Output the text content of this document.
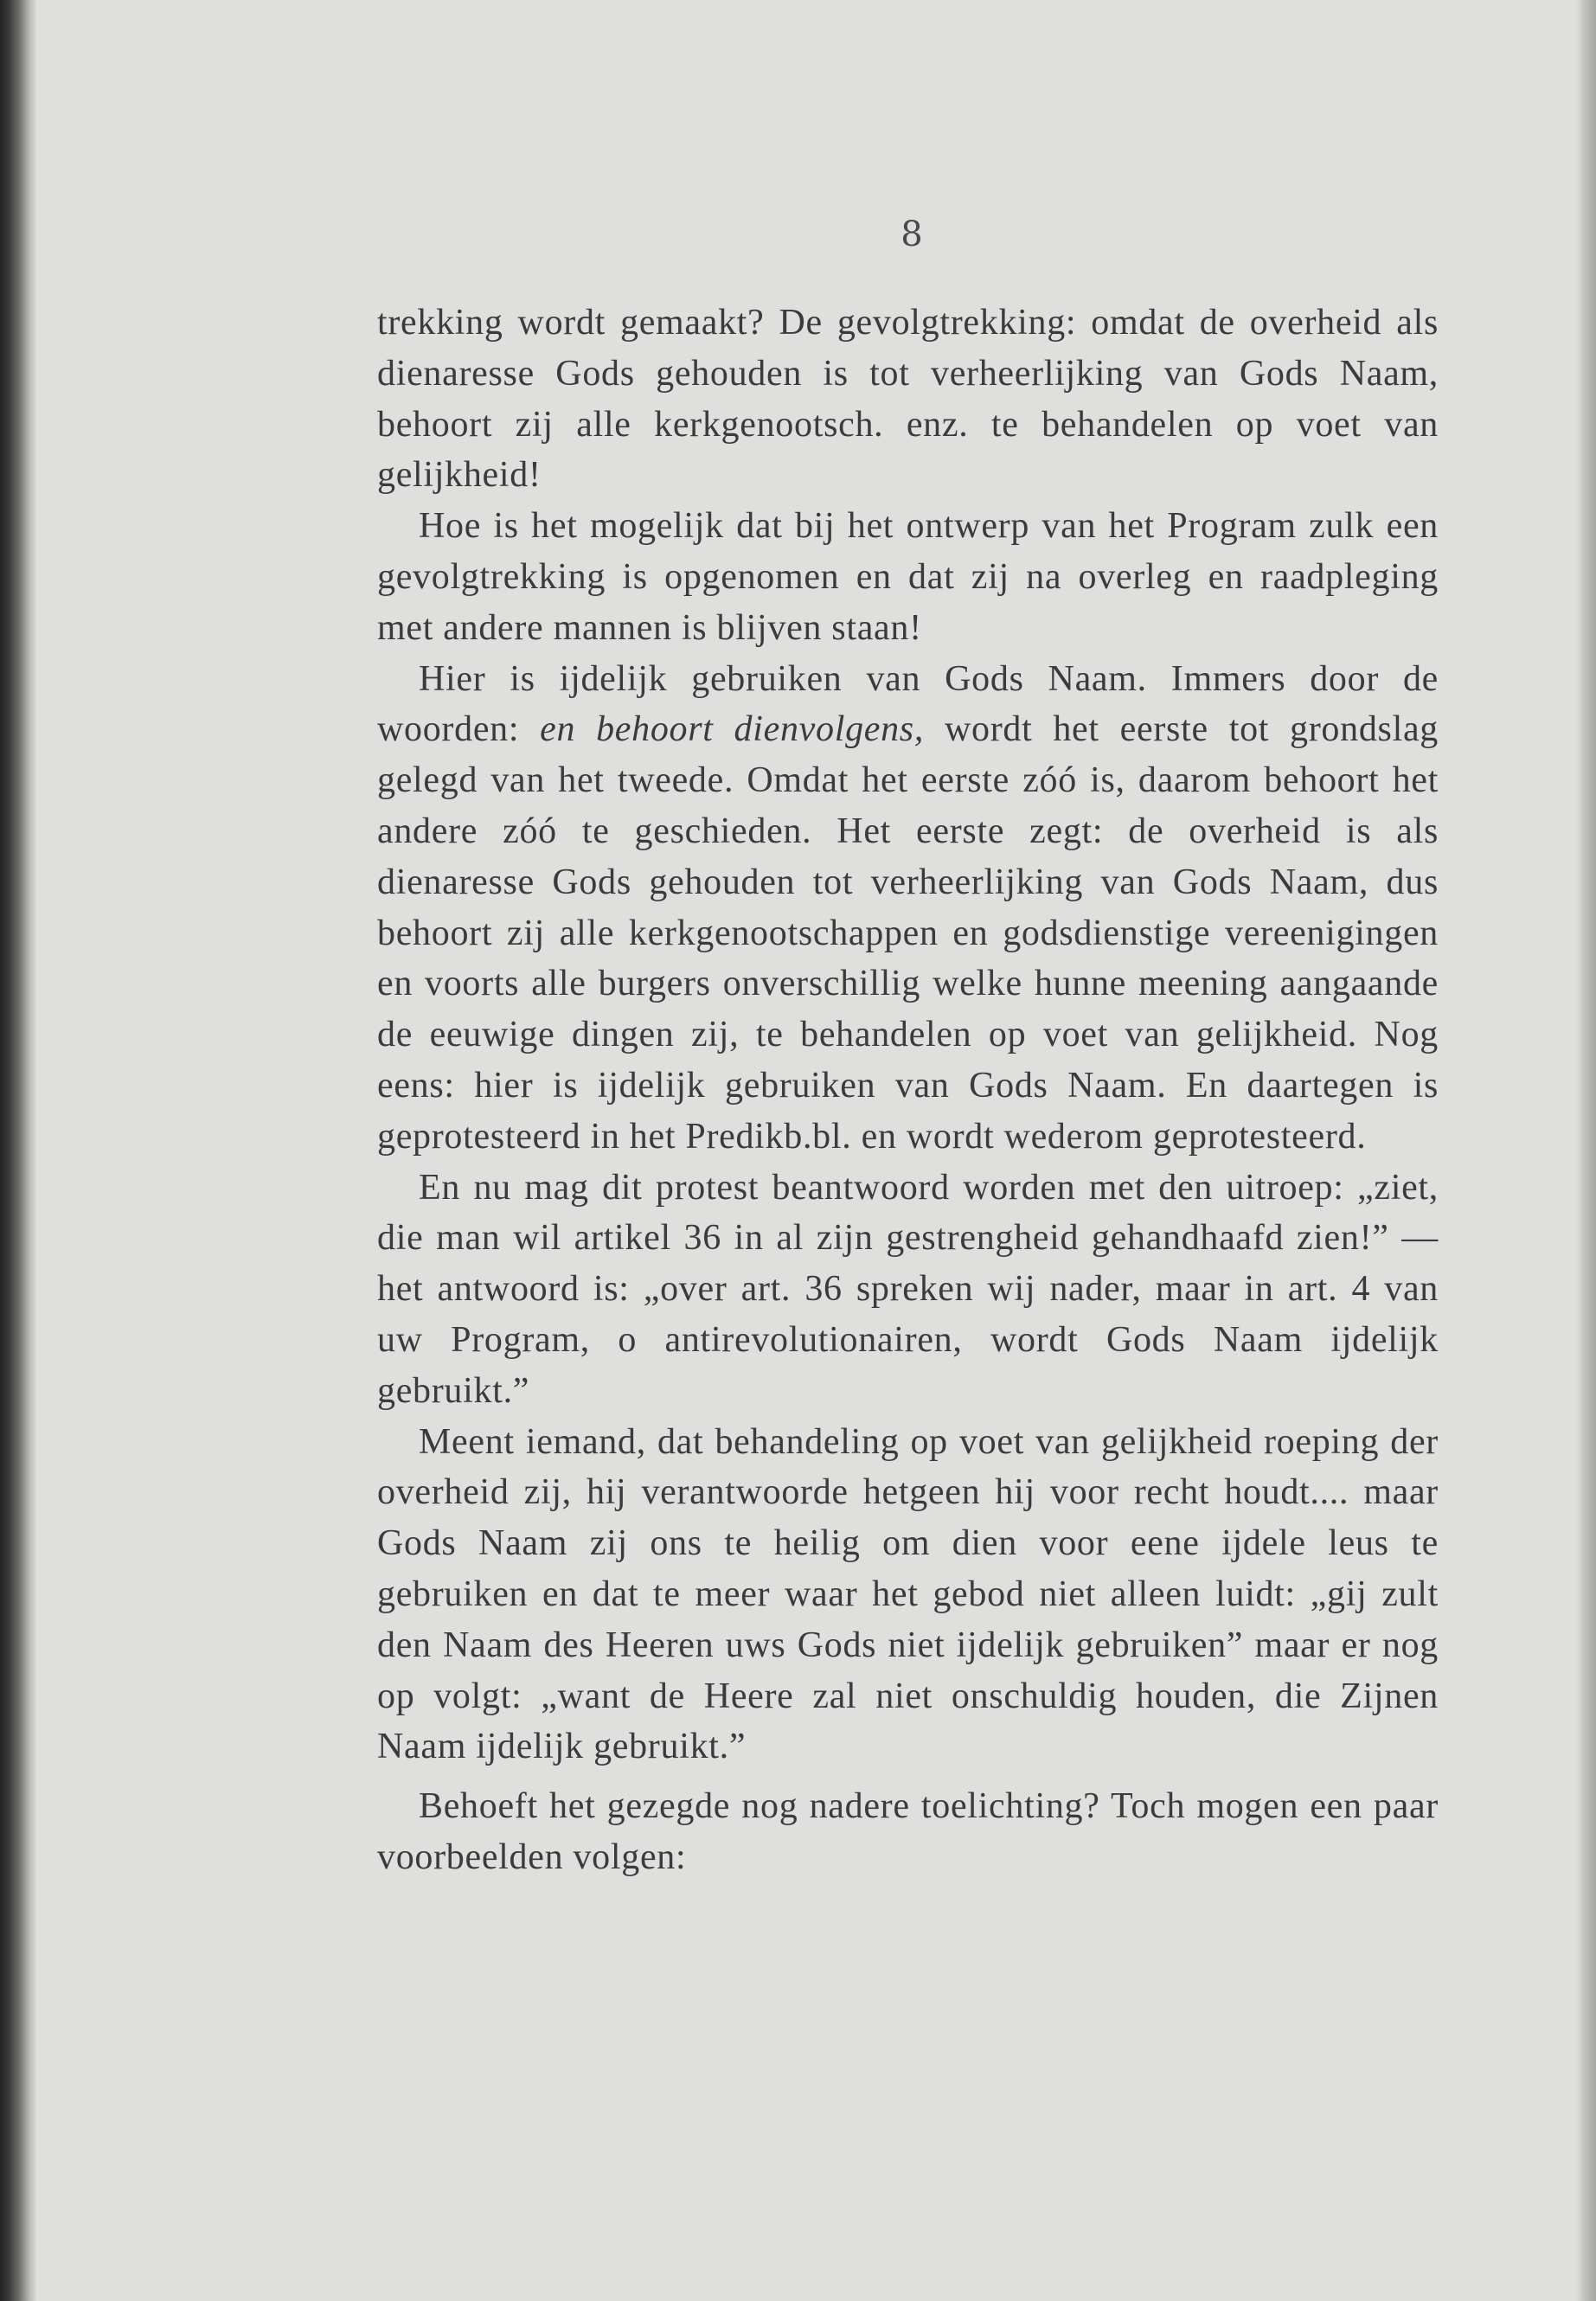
8

trekking wordt gemaakt? De gevolgtrekking: omdat de overheid als dienaresse Gods gehouden is tot verheerlijking van Gods Naam, behoort zij alle kerkgenootsch. enz. te behandelen op voet van gelijkheid!

Hoe is het mogelijk dat bij het ontwerp van het Program zulk een gevolgtrekking is opgenomen en dat zij na overleg en raadpleging met andere mannen is blijven staan!

Hier is ijdelijk gebruiken van Gods Naam. Immers door de woorden: en behoort dienvolgens, wordt het eerste tot grondslag gelegd van het tweede. Omdat het eerste zóó is, daarom behoort het andere zóó te geschieden. Het eerste zegt: de overheid is als dienaresse Gods gehouden tot verheerlijking van Gods Naam, dus behoort zij alle kerkgenootschappen en godsdienstige vereenigingen en voorts alle burgers onverschillig welke hunne meening aangaande de eeuwige dingen zij, te behandelen op voet van gelijkheid. Nog eens: hier is ijdelijk gebruiken van Gods Naam. En daartegen is geprotesteerd in het Predikb.bl. en wordt wederom geprotesteerd.

En nu mag dit protest beantwoord worden met den uitroep: „ziet, die man wil artikel 36 in al zijn gestrengheid gehandhaafd zien!” — het antwoord is: „over art. 36 spreken wij nader, maar in art. 4 van uw Program, o antirevolutionairen, wordt Gods Naam ijdelijk gebruikt.”

Meent iemand, dat behandeling op voet van gelijkheid roeping der overheid zij, hij verantwoorde hetgeen hij voor recht houdt.... maar Gods Naam zij ons te heilig om dien voor eene ijdele leus te gebruiken en dat te meer waar het gebod niet alleen luidt: „gij zult den Naam des Heeren uws Gods niet ijdelijk gebruiken” maar er nog op volgt: „want de Heere zal niet onschuldig houden, die Zijnen Naam ijdelijk gebruikt.”

Behoeft het gezegde nog nadere toelichting? Toch mogen een paar voorbeelden volgen:
